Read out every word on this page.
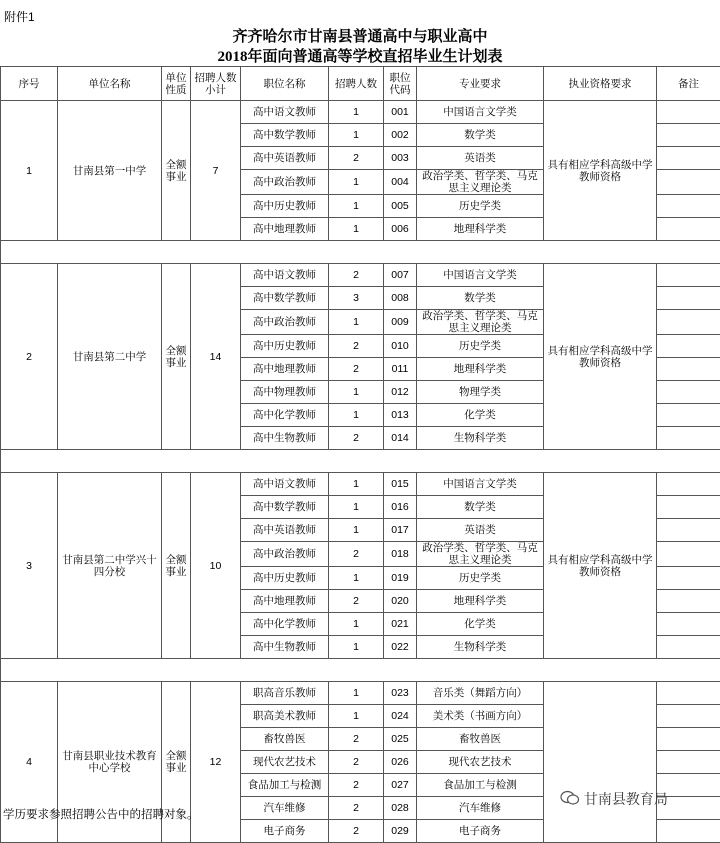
附件1
齐齐哈尔市甘南县普通高中与职业高中
2018年面向普通高等学校直招毕业生计划表
序号	单位名称	单位性质	招聘人数小计	职位名称	招聘人数	职位代码	专业要求	执业资格要求	备注
1	甘南县第一中学	全额事业	7	高中语文教师	1	001	中国语言文学类	具有相应学科高级中学教师资格	
				高中数学教师	1	002	数学类		
				高中英语教师	2	003	英语类		
				高中政治教师	1	004	政治学类、哲学类、马克思主义理论类		
				高中历史教师	1	005	历史学类		
				高中地理教师	1	006	地理科学类		

2	甘南县第二中学	全额事业	14	高中语文教师	2	007	中国语言文学类	具有相应学科高级中学教师资格	
				高中数学教师	3	008	数学类		
				高中政治教师	1	009	政治学类、哲学类、马克思主义理论类		
				高中历史教师	2	010	历史学类		
				高中地理教师	2	011	地理科学类		
				高中物理教师	1	012	物理学类		
				高中化学教师	1	013	化学类		
				高中生物教师	2	014	生物科学类		

3	甘南县第二中学兴十四分校	全额事业	10	高中语文教师	1	015	中国语言文学类	具有相应学科高级中学教师资格	
				高中数学教师	1	016	数学类		
				高中英语教师	1	017	英语类		
				高中政治教师	2	018	政治学类、哲学类、马克思主义理论类		
				高中历史教师	1	019	历史学类		
				高中地理教师	2	020	地理科学类		
				高中化学教师	1	021	化学类		
				高中生物教师	1	022	生物科学类		

4	甘南县职业技术教育中心学校	全额事业	12	职高音乐教师	1	023	音乐类（舞蹈方向）		
				职高美术教师	1	024	美术类（书画方向）		
				畜牧兽医	2	025	畜牧兽医		
				现代农艺技术	2	026	现代农艺技术		
				食品加工与检测	2	027	食品加工与检测		
				汽车维修	2	028	汽车维修		
				电子商务	2	029	电子商务		
学历要求参照招聘公告中的招聘对象。
甘南县教育局
